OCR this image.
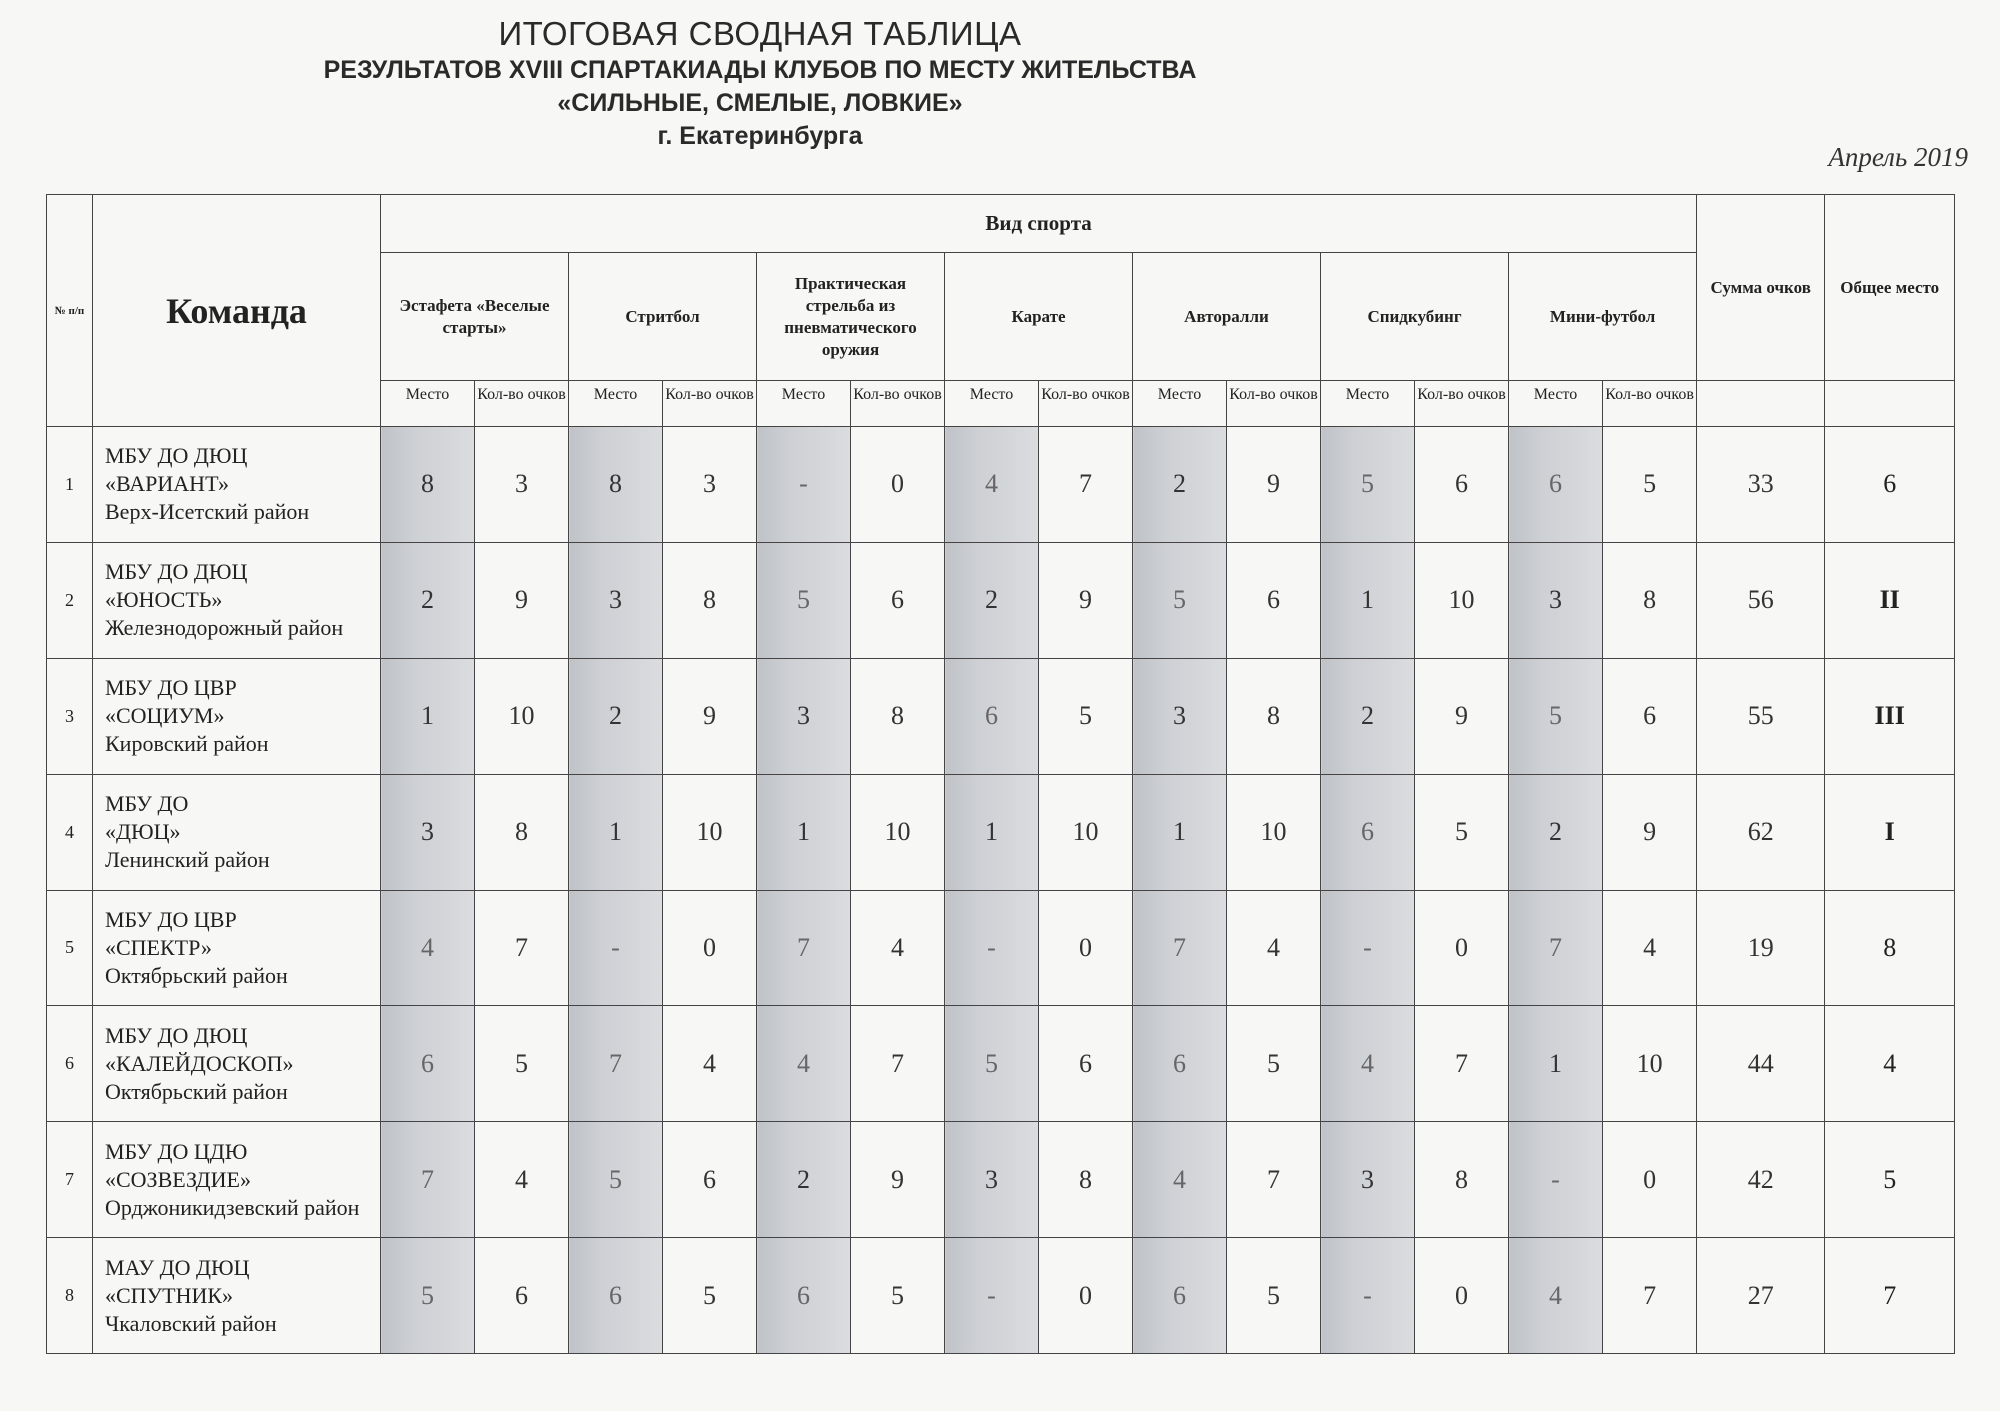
ИТОГОВАЯ СВОДНАЯ ТАБЛИЦА
РЕЗУЛЬТАТОВ XVIII СПАРТАКИАДЫ КЛУБОВ ПО МЕСТУ ЖИТЕЛЬСТВА
«СИЛЬНЫЕ, СМЕЛЫЕ, ЛОВКИЕ»
г. Екатеринбурга
Апрель 2019
№ п/п	Команда	Вид спорта														Сумма очков	Общее место
		Эстафета «Веселые старты»		Стритбол		Практическая стрельба из пневматического оружия		Карате		Авторалли		Спидкубинг		Мини-футбол			
		Место	Кол-во очков	Место	Кол-во очков	Место	Кол-во очков	Место	Кол-во очков	Место	Кол-во очков	Место	Кол-во очков	Место	Кол-во очков		
1	МБУ ДО ДЮЦ
«ВАРИАНТ»
Верх-Исетский район	8	3	8	3	-	0	4	7	2	9	5	6	6	5	33	6
2	МБУ ДО ДЮЦ
«ЮНОСТЬ»
Железнодорожный район	2	9	3	8	5	6	2	9	5	6	1	10	3	8	56	II
3	МБУ ДО ЦВР
«СОЦИУМ»
Кировский район	1	10	2	9	3	8	6	5	3	8	2	9	5	6	55	III
4	МБУ ДО
«ДЮЦ»
Ленинский район	3	8	1	10	1	10	1	10	1	10	6	5	2	9	62	I
5	МБУ ДО ЦВР
«СПЕКТР»
Октябрьский район	4	7	-	0	7	4	-	0	7	4	-	0	7	4	19	8
6	МБУ ДО ДЮЦ
«КАЛЕЙДОСКОП»
Октябрьский район	6	5	7	4	4	7	5	6	6	5	4	7	1	10	44	4
7	МБУ ДО ЦДЮ
«СОЗВЕЗДИЕ»
Орджоникидзевский район	7	4	5	6	2	9	3	8	4	7	3	8	-	0	42	5
8	МАУ ДО ДЮЦ
«СПУТНИК»
Чкаловский район	5	6	6	5	6	5	-	0	6	5	-	0	4	7	27	7
